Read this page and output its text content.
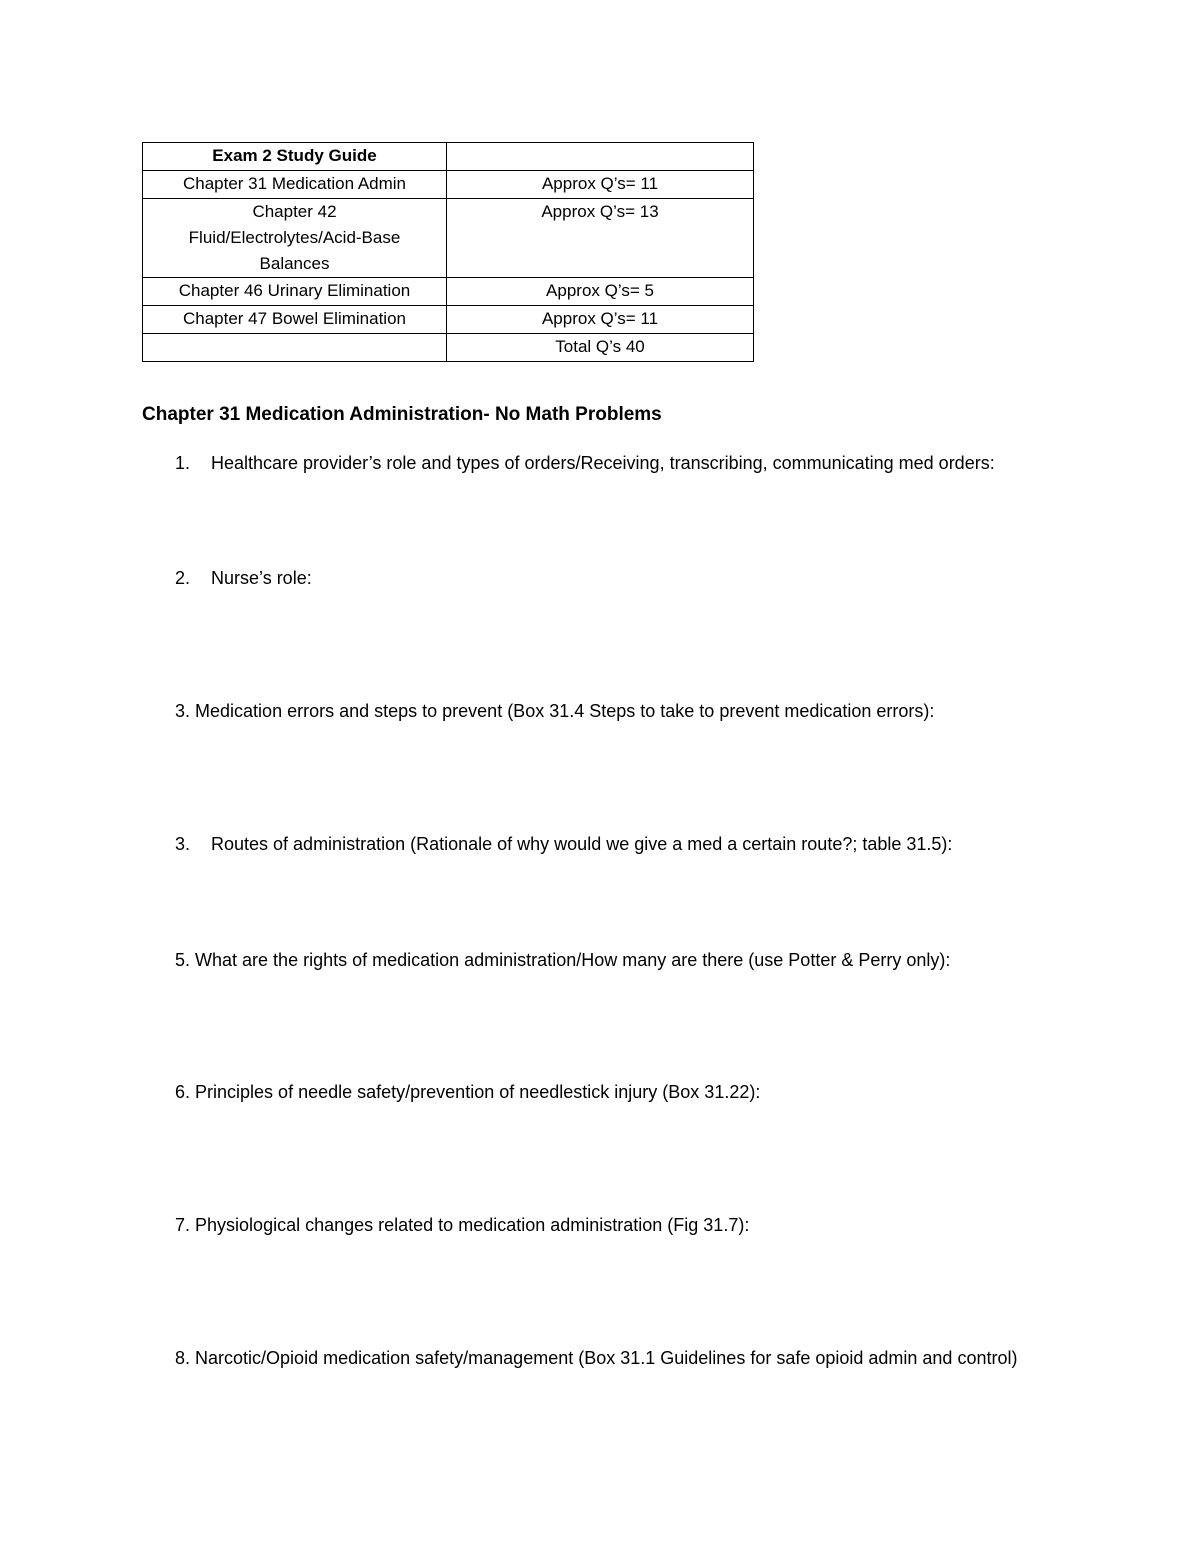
Exam 2 Study Guide	
Chapter 31 Medication Admin	Approx Q’s= 11
Chapter 42 Fluid/Electrolytes/Acid-Base Balances	Approx Q’s= 13
Chapter 46 Urinary Elimination	Approx Q’s= 5
Chapter 47 Bowel Elimination	Approx Q’s= 11
	Total Q’s 40
Chapter 31 Medication Administration- No Math Problems
1.	Healthcare provider’s role and types of orders/Receiving, transcribing, communicating med orders:
2.	Nurse’s role:
3. Medication errors and steps to prevent (Box 31.4 Steps to take to prevent medication errors):
3.	Routes of administration (Rationale of why would we give a med a certain route?; table 31.5):
5. What are the rights of medication administration/How many are there (use Potter & Perry only):
6. Principles of needle safety/prevention of needlestick injury (Box 31.22):
7. Physiological changes related to medication administration (Fig 31.7):
8. Narcotic/Opioid medication safety/management (Box 31.1 Guidelines for safe opioid admin and control)
